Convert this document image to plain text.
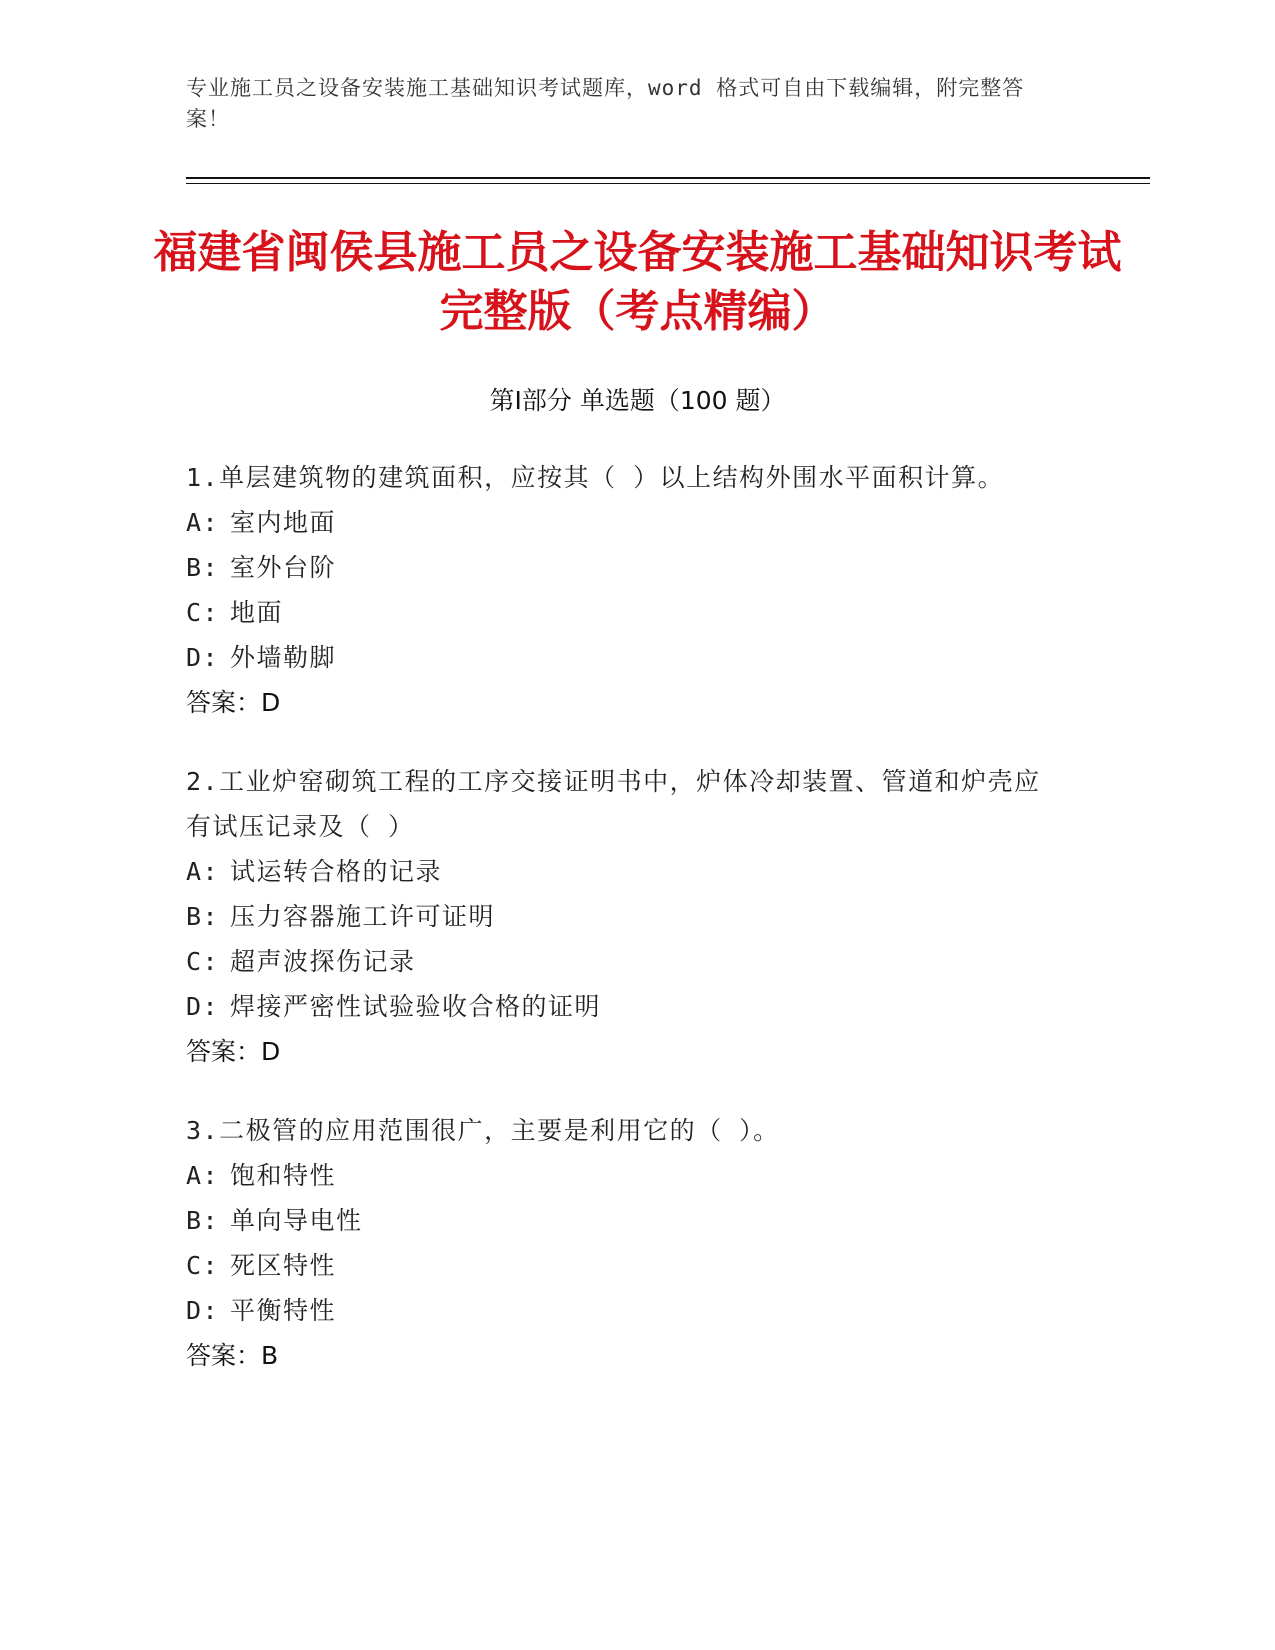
专业施工员之设备安装施工基础知识考试题库，word 格式可自由下载编辑，附完整答案！
福建省闽侯县施工员之设备安装施工基础知识考试完整版（考点精编）
第Ⅰ部分 单选题（100 题）

1.单层建筑物的建筑面积，应按其（ ）以上结构外围水平面积计算。

A: 室内地面

B: 室外台阶

C: 地面

D: 外墙勒脚

答案：D

2.工业炉窑砌筑工程的工序交接证明书中，炉体冷却装置、管道和炉壳应有试压记录及（ ）

A: 试运转合格的记录

B: 压力容器施工许可证明

C: 超声波探伤记录

D: 焊接严密性试验验收合格的证明

答案：D

3.二极管的应用范围很广，主要是利用它的（ ）。

A: 饱和特性

B: 单向导电性

C: 死区特性

D: 平衡特性

答案：B
